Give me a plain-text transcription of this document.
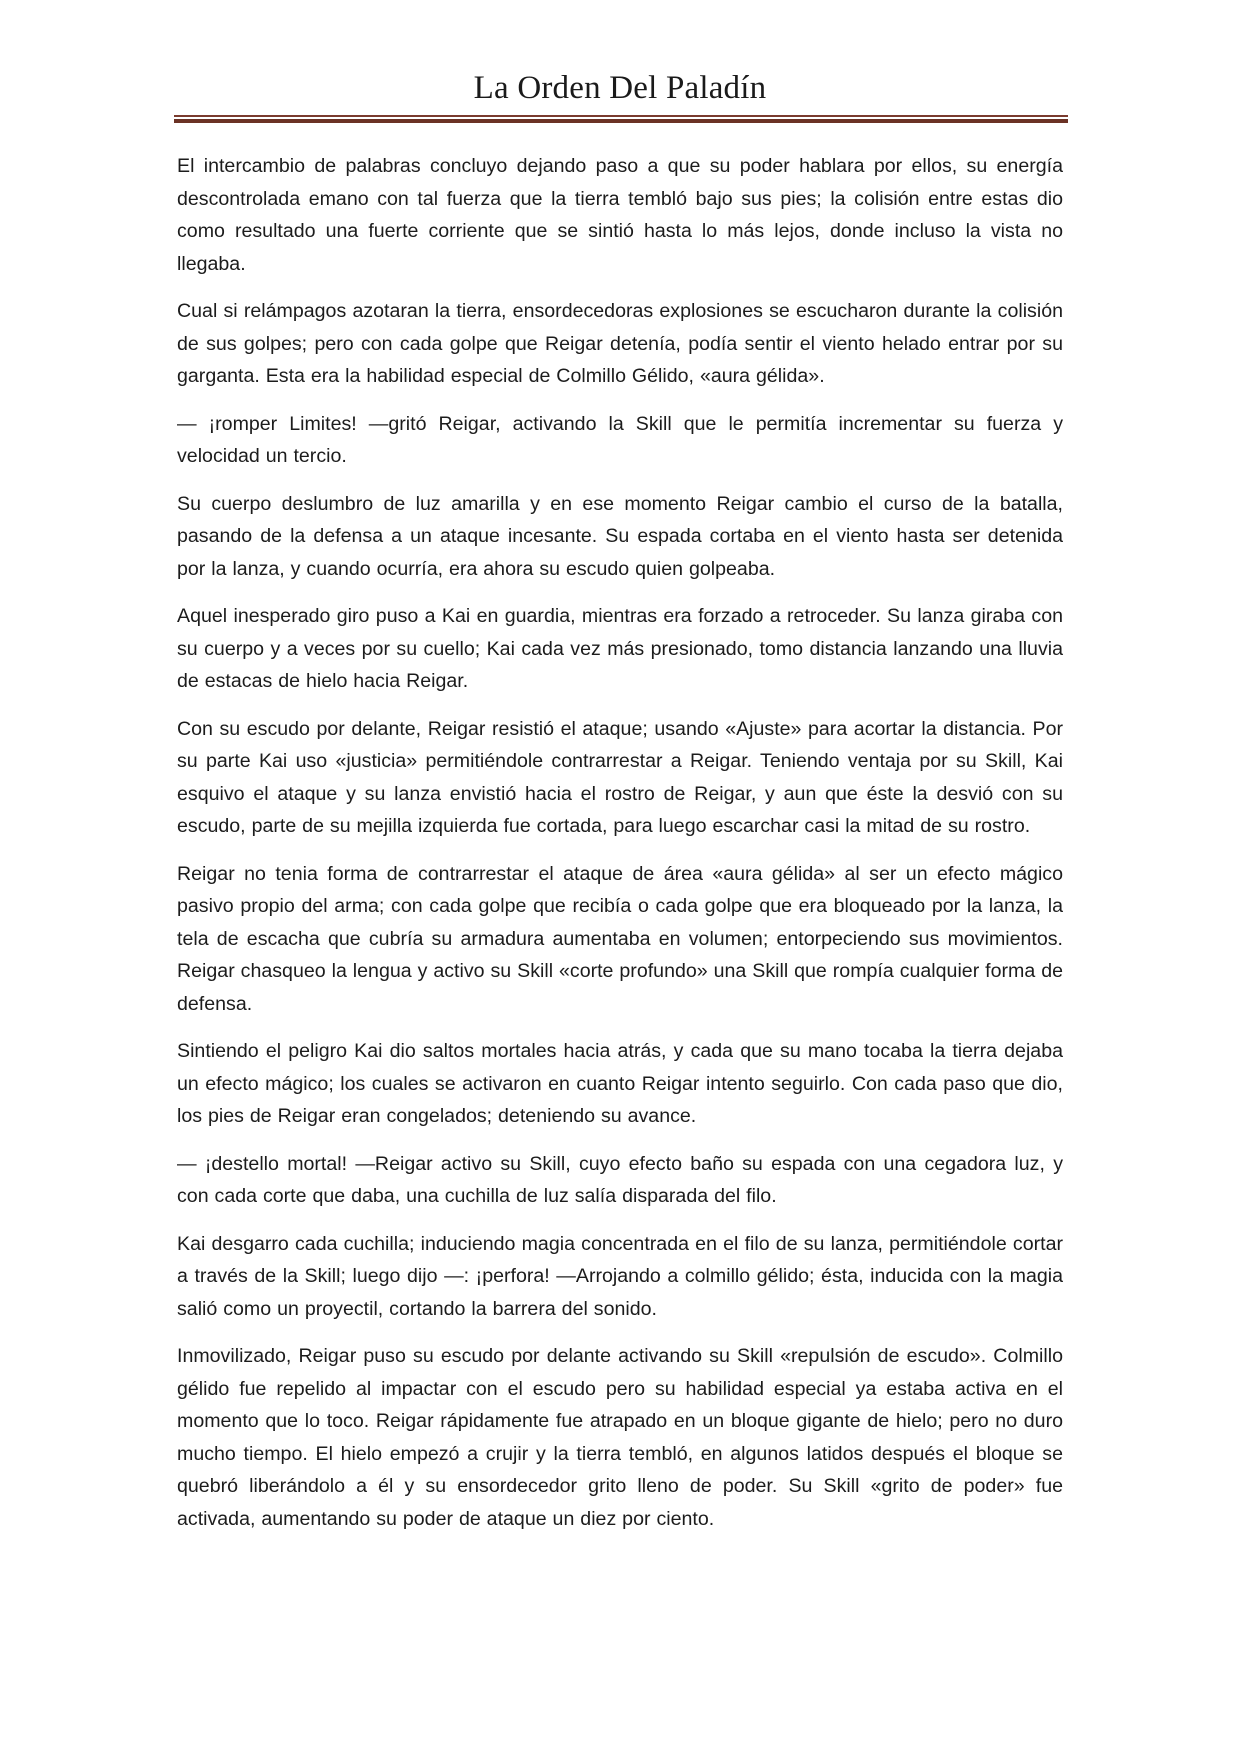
La Orden Del Paladín

El intercambio de palabras concluyo dejando paso a que su poder hablara por ellos, su energía descontrolada emano con tal fuerza que la tierra tembló bajo sus pies; la colisión entre estas dio como resultado una fuerte corriente que se sintió hasta lo más lejos, donde incluso la vista no llegaba.

Cual si relámpagos azotaran la tierra, ensordecedoras explosiones se escucharon durante la colisión de sus golpes; pero con cada golpe que Reigar detenía, podía sentir el viento helado entrar por su garganta. Esta era la habilidad especial de Colmillo Gélido, «aura gélida».

— ¡romper Limites! —gritó Reigar, activando la Skill que le permitía incrementar su fuerza y velocidad un tercio.

Su cuerpo deslumbro de luz amarilla y en ese momento Reigar cambio el curso de la batalla, pasando de la defensa a un ataque incesante. Su espada cortaba en el viento hasta ser detenida por la lanza, y cuando ocurría, era ahora su escudo quien golpeaba.

Aquel inesperado giro puso a Kai en guardia, mientras era forzado a retroceder. Su lanza giraba con su cuerpo y a veces por su cuello; Kai cada vez más presionado, tomo distancia lanzando una lluvia de estacas de hielo hacia Reigar.

Con su escudo por delante, Reigar resistió el ataque; usando «Ajuste» para acortar la distancia. Por su parte Kai uso «justicia» permitiéndole contrarrestar a Reigar. Teniendo ventaja por su Skill, Kai esquivo el ataque y su lanza envistió hacia el rostro de Reigar, y aun que éste la desvió con su escudo, parte de su mejilla izquierda fue cortada, para luego escarchar casi la mitad de su rostro.

Reigar no tenia forma de contrarrestar el ataque de área «aura gélida» al ser un efecto mágico pasivo propio del arma; con cada golpe que recibía o cada golpe que era bloqueado por la lanza, la tela de escacha que cubría su armadura aumentaba en volumen; entorpeciendo sus movimientos. Reigar chasqueo la lengua y activo su Skill «corte profundo» una Skill que rompía cualquier forma de defensa.

Sintiendo el peligro Kai dio saltos mortales hacia atrás, y cada que su mano tocaba la tierra dejaba un efecto mágico; los cuales se activaron en cuanto Reigar intento seguirlo. Con cada paso que dio, los pies de Reigar eran congelados; deteniendo su avance.

— ¡destello mortal! —Reigar activo su Skill, cuyo efecto baño su espada con una cegadora luz, y con cada corte que daba, una cuchilla de luz salía disparada del filo.

Kai desgarro cada cuchilla; induciendo magia concentrada en el filo de su lanza, permitiéndole cortar a través de la Skill; luego dijo —: ¡perfora! —Arrojando a colmillo gélido; ésta, inducida con la magia salió como un proyectil, cortando la barrera del sonido.

Inmovilizado, Reigar puso su escudo por delante activando su Skill «repulsión de escudo». Colmillo gélido fue repelido al impactar con el escudo pero su habilidad especial ya estaba activa en el momento que lo toco. Reigar rápidamente fue atrapado en un bloque gigante de hielo; pero no duro mucho tiempo. El hielo empezó a crujir y la tierra tembló, en algunos latidos después el bloque se quebró liberándolo a él y su ensordecedor grito lleno de poder. Su Skill «grito de poder» fue activada, aumentando su poder de ataque un diez por ciento.
